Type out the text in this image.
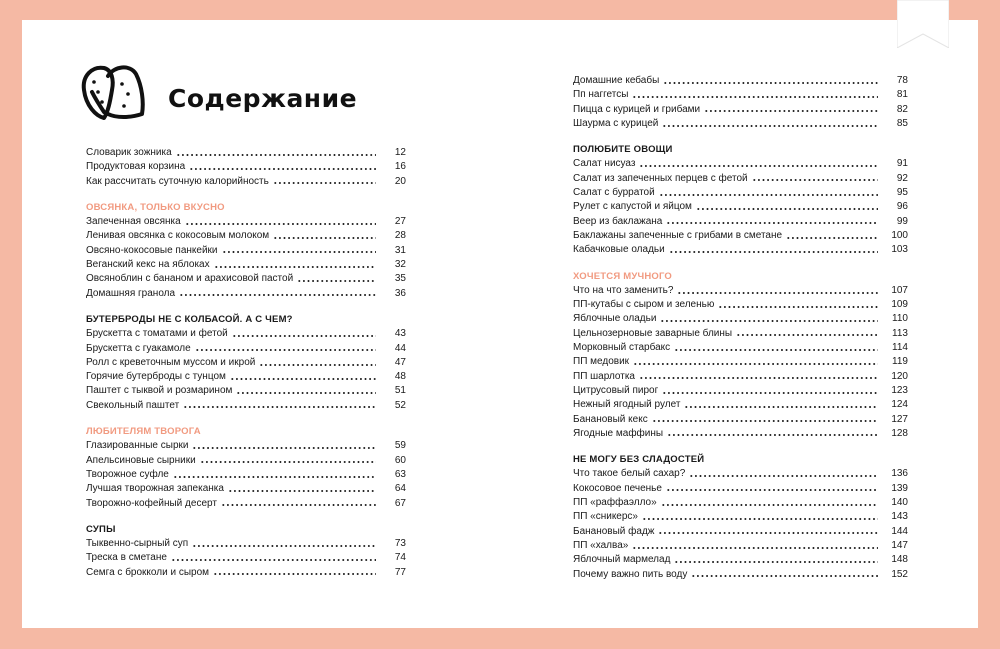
Содержание
Словарик зожника	12
Продуктовая корзина	16
Как рассчитать суточную калорийность	20
ОВСЯНКА, ТОЛЬКО ВКУСНО
Запеченная овсянка	27
Ленивая овсянка с кокосовым молоком	28
Овсяно-кокосовые панкейки	31
Веганский кекс на яблоках	32
Овсяноблин с бананом и арахисовой пастой	35
Домашняя гранола	36
БУТЕРБРОДЫ НЕ С КОЛБАСОЙ. А С ЧЕМ?
Брускетта с томатами и фетой	43
Брускетта с гуакамоле	44
Ролл с креветочным муссом и икрой	47
Горячие бутерброды с тунцом	48
Паштет с тыквой и розмарином	51
Свекольный паштет	52
ЛЮБИТЕЛЯМ ТВОРОГА
Глазированные сырки	59
Апельсиновые сырники	60
Творожное суфле	63
Лучшая творожная запеканка	64
Творожно-кофейный десерт	67
СУПЫ
Тыквенно-сырный суп	73
Треска в сметане	74
Семга с брокколи и сыром	77
Домашние кебабы	78
Пп наггетсы	81
Пицца с курицей и грибами	82
Шаурма с курицей	85
ПОЛЮБИТЕ ОВОЩИ
Салат нисуаз	91
Салат из запеченных перцев с фетой	92
Салат с бурратой	95
Рулет с капустой и яйцом	96
Веер из баклажана	99
Баклажаны запеченные с грибами в сметане	100
Кабачковые оладьи	103
ХОЧЕТСЯ МУЧНОГО
Что на что заменить?	107
ПП-кутабы с сыром и зеленью	109
Яблочные оладьи	110
Цельнозерновые заварные блины	113
Морковный старбакс	114
ПП медовик	119
ПП шарлотка	120
Цитрусовый пирог	123
Нежный ягодный рулет	124
Банановый кекс	127
Ягодные маффины	128
НЕ МОГУ БЕЗ СЛАДОСТЕЙ
Что такое белый сахар?	136
Кокосовое печенье	139
ПП «раффаэлло»	140
ПП «сникерс»	143
Банановый фадж	144
ПП «халва»	147
Яблочный мармелад	148
Почему важно пить воду	152
